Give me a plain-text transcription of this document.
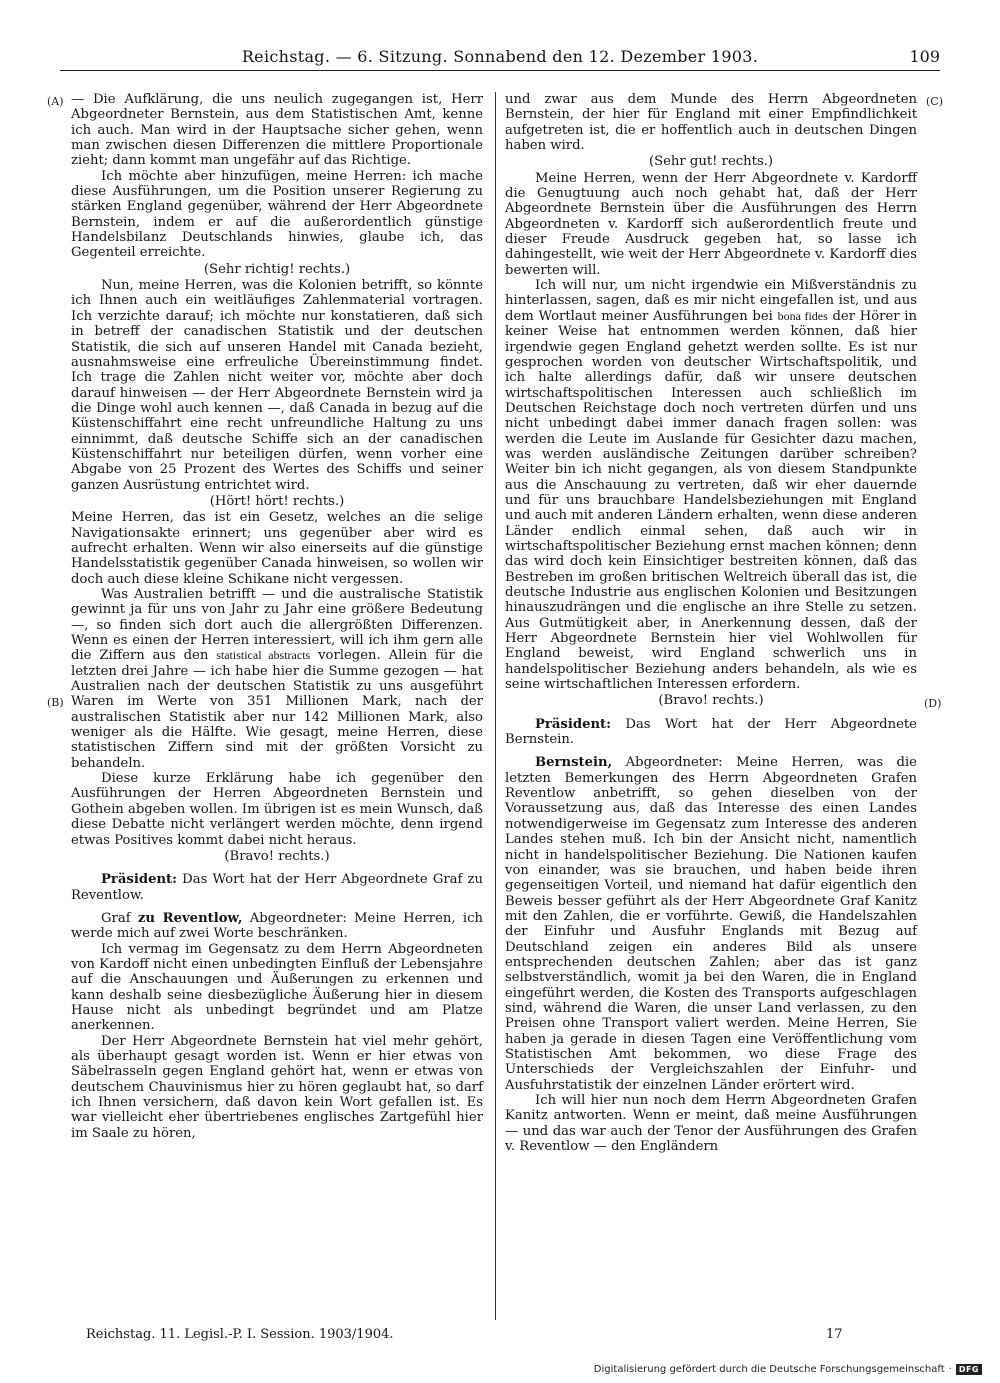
Reichstag. — 6. Sitzung. Sonnabend den 12. Dezember 1903.	109
(A)
(B)
(C)
(D)

— Die Aufklärung, die uns neulich zugegangen ist, Herr Abgeordneter Bernstein, aus dem Statistischen Amt, kenne ich auch. Man wird in der Hauptsache sicher gehen, wenn man zwischen diesen Differenzen die mittlere Proportionale zieht; dann kommt man ungefähr auf das Richtige.

Ich möchte aber hinzufügen, meine Herren: ich mache diese Ausführungen, um die Position unserer Regierung zu stärken England gegenüber, während der Herr Abgeordnete Bernstein, indem er auf die außerordentlich günstige Handelsbilanz Deutschlands hinwies, glaube ich, das Gegenteil erreichte.

(Sehr richtig! rechts.)

Nun, meine Herren, was die Kolonien betrifft, so könnte ich Ihnen auch ein weitläufiges Zahlenmaterial vortragen. Ich verzichte darauf; ich möchte nur konstatieren, daß sich in betreff der canadischen Statistik und der deutschen Statistik, die sich auf unseren Handel mit Canada bezieht, ausnahmsweise eine erfreuliche Übereinstimmung findet. Ich trage die Zahlen nicht weiter vor, möchte aber doch darauf hinweisen — der Herr Abgeordnete Bernstein wird ja die Dinge wohl auch kennen —, daß Canada in bezug auf die Küstenschiffahrt eine recht unfreundliche Haltung zu uns einnimmt, daß deutsche Schiffe sich an der canadischen Küstenschiffahrt nur beteiligen dürfen, wenn vorher eine Abgabe von 25 Prozent des Wertes des Schiffs und seiner ganzen Ausrüstung entrichtet wird.

(Hört! hört! rechts.)

Meine Herren, das ist ein Gesetz, welches an die selige Navigationsakte erinnert; uns gegenüber aber wird es aufrecht erhalten. Wenn wir also einerseits auf die günstige Handelsstatistik gegenüber Canada hinweisen, so wollen wir doch auch diese kleine Schikane nicht vergessen.

Was Australien betrifft — und die australische Statistik gewinnt ja für uns von Jahr zu Jahr eine größere Bedeutung —, so finden sich dort auch die allergrößten Differenzen. Wenn es einen der Herren interessiert, will ich ihm gern alle die Ziffern aus den statistical abstracts vorlegen. Allein für die letzten drei Jahre — ich habe hier die Summe gezogen — hat Australien nach der deutschen Statistik zu uns ausgeführt Waren im Werte von 351 Millionen Mark, nach der australischen Statistik aber nur 142 Millionen Mark, also weniger als die Hälfte. Wie gesagt, meine Herren, diese statistischen Ziffern sind mit der größten Vorsicht zu behandeln.

Diese kurze Erklärung habe ich gegenüber den Ausführungen der Herren Abgeordneten Bernstein und Gothein abgeben wollen. Im übrigen ist es mein Wunsch, daß diese Debatte nicht verlängert werden möchte, denn irgend etwas Positives kommt dabei nicht heraus.

(Bravo! rechts.)

Präsident: Das Wort hat der Herr Abgeordnete Graf zu Reventlow.

Graf zu Reventlow, Abgeordneter: Meine Herren, ich werde mich auf zwei Worte beschränken.

Ich vermag im Gegensatz zu dem Herrn Abgeordneten von Kardoff nicht einen unbedingten Einfluß der Lebensjahre auf die Anschauungen und Äußerungen zu erkennen und kann deshalb seine diesbezügliche Äußerung hier in diesem Hause nicht als unbedingt begründet und am Platze anerkennen.

Der Herr Abgeordnete Bernstein hat viel mehr gehört, als überhaupt gesagt worden ist. Wenn er hier etwas von Säbelrasseln gegen England gehört hat, wenn er etwas von deutschem Chauvinismus hier zu hören geglaubt hat, so darf ich Ihnen versichern, daß davon kein Wort gefallen ist. Es war vielleicht eher übertriebenes englisches Zartgefühl hier im Saale zu hören,

und zwar aus dem Munde des Herrn Abgeordneten Bernstein, der hier für England mit einer Empfindlichkeit aufgetreten ist, die er hoffentlich auch in deutschen Dingen haben wird.

(Sehr gut! rechts.)

Meine Herren, wenn der Herr Abgeordnete v. Kardorff die Genugtuung auch noch gehabt hat, daß der Herr Abgeordnete Bernstein über die Ausführungen des Herrn Abgeordneten v. Kardorff sich außerordentlich freute und dieser Freude Ausdruck gegeben hat, so lasse ich dahingestellt, wie weit der Herr Abgeordnete v. Kardorff dies bewerten will.

Ich will nur, um nicht irgendwie ein Mißverständnis zu hinterlassen, sagen, daß es mir nicht eingefallen ist, und aus dem Wortlaut meiner Ausführungen bei bona fides der Hörer in keiner Weise hat entnommen werden können, daß hier irgendwie gegen England gehetzt werden sollte. Es ist nur gesprochen worden von deutscher Wirtschaftspolitik, und ich halte allerdings dafür, daß wir unsere deutschen wirtschaftspolitischen Interessen auch schließlich im Deutschen Reichstage doch noch vertreten dürfen und uns nicht unbedingt dabei immer danach fragen sollen: was werden die Leute im Auslande für Gesichter dazu machen, was werden ausländische Zeitungen darüber schreiben? Weiter bin ich nicht gegangen, als von diesem Standpunkte aus die Anschauung zu vertreten, daß wir eher dauernde und für uns brauchbare Handelsbeziehungen mit England und auch mit anderen Ländern erhalten, wenn diese anderen Länder endlich einmal sehen, daß auch wir in wirtschaftspolitischer Beziehung ernst machen können; denn das wird doch kein Einsichtiger bestreiten können, daß das Bestreben im großen britischen Weltreich überall das ist, die deutsche Industrie aus englischen Kolonien und Besitzungen hinauszudrängen und die englische an ihre Stelle zu setzen. Aus Gutmütigkeit aber, in Anerkennung dessen, daß der Herr Abgeordnete Bernstein hier viel Wohlwollen für England beweist, wird England schwerlich uns in handelspolitischer Beziehung anders behandeln, als wie es seine wirtschaftlichen Interessen erfordern.

(Bravo! rechts.)

Präsident: Das Wort hat der Herr Abgeordnete Bernstein.

Bernstein, Abgeordneter: Meine Herren, was die letzten Bemerkungen des Herrn Abgeordneten Grafen Reventlow anbetrifft, so gehen dieselben von der Voraussetzung aus, daß das Interesse des einen Landes notwendigerweise im Gegensatz zum Interesse des anderen Landes stehen muß. Ich bin der Ansicht nicht, namentlich nicht in handelspolitischer Beziehung. Die Nationen kaufen von einander, was sie brauchen, und haben beide ihren gegenseitigen Vorteil, und niemand hat dafür eigentlich den Beweis besser geführt als der Herr Abgeordnete Graf Kanitz mit den Zahlen, die er vorführte. Gewiß, die Handelszahlen der Einfuhr und Ausfuhr Englands mit Bezug auf Deutschland zeigen ein anderes Bild als unsere entsprechenden deutschen Zahlen; aber das ist ganz selbstverständlich, womit ja bei den Waren, die in England eingeführt werden, die Kosten des Transports aufgeschlagen sind, während die Waren, die unser Land verlassen, zu den Preisen ohne Transport valiert werden. Meine Herren, Sie haben ja gerade in diesen Tagen eine Veröffentlichung vom Statistischen Amt bekommen, wo diese Frage des Unterschieds der Vergleichszahlen der Einfuhr- und Ausfuhrstatistik der einzelnen Länder erörtert wird.

Ich will hier nun noch dem Herrn Abgeordneten Grafen Kanitz antworten. Wenn er meint, daß meine Ausführungen — und das war auch der Tenor der Ausführungen des Grafen v. Reventlow — den Engländern

Reichstag. 11. Legisl.-P. I. Session. 1903/1904.	17
Digitalisierung gefördert durch die Deutsche Forschungsgemeinschaft · DFG
